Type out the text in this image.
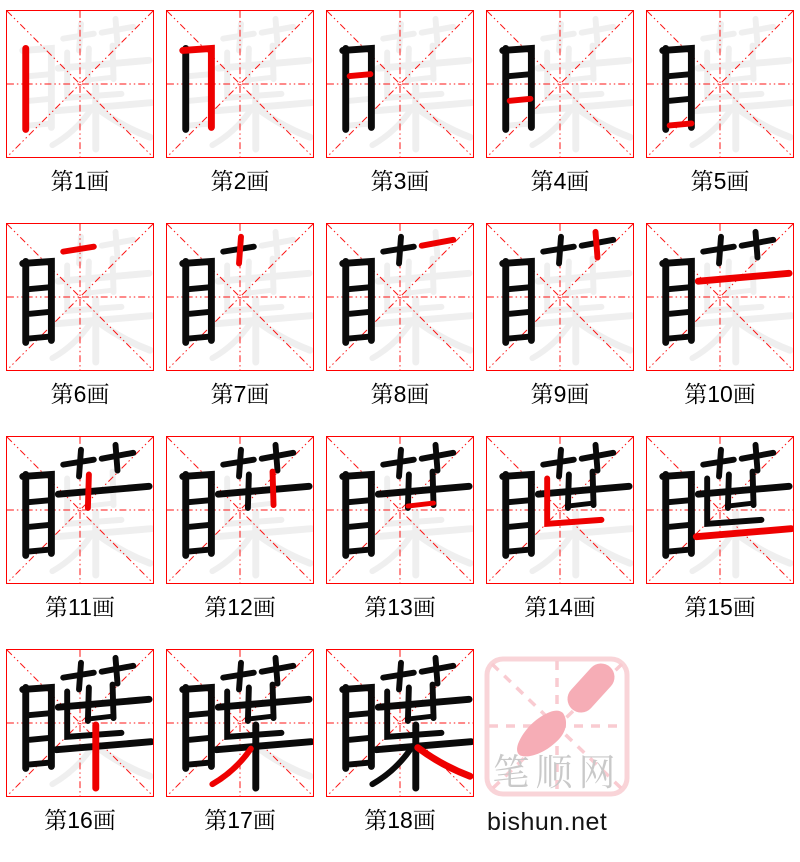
第1画	第2画	第3画	第4画	第5画
第6画	第7画	第8画	第9画	第10画
第11画	第12画	第13画	第14画	第15画
第16画	第17画	第18画
笔顺网
bishun.net
